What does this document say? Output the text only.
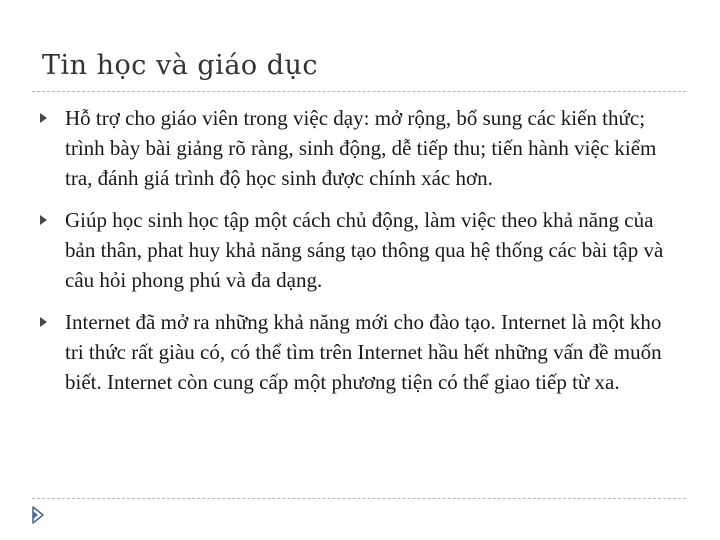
Tin học và giáo dục
Hỗ trợ cho giáo viên trong việc dạy: mở rộng, bổ sung các kiến thức; trình bày bài giảng rõ ràng, sinh động, dễ tiếp thu; tiến hành việc kiểm tra, đánh giá trình độ học sinh được chính xác hơn.
Giúp học sinh học tập một cách chủ động, làm việc theo khả năng của bản thân, phat huy khả năng sáng tạo thông qua hệ thống các bài tập và câu hỏi phong phú và đa dạng.
Internet đã mở ra những khả năng mới cho đào tạo. Internet là một kho tri thức rất giàu có, có thể tìm trên Internet hầu hết những vấn đề muốn biết. Internet còn cung cấp một phương tiện có thể giao tiếp từ xa.
